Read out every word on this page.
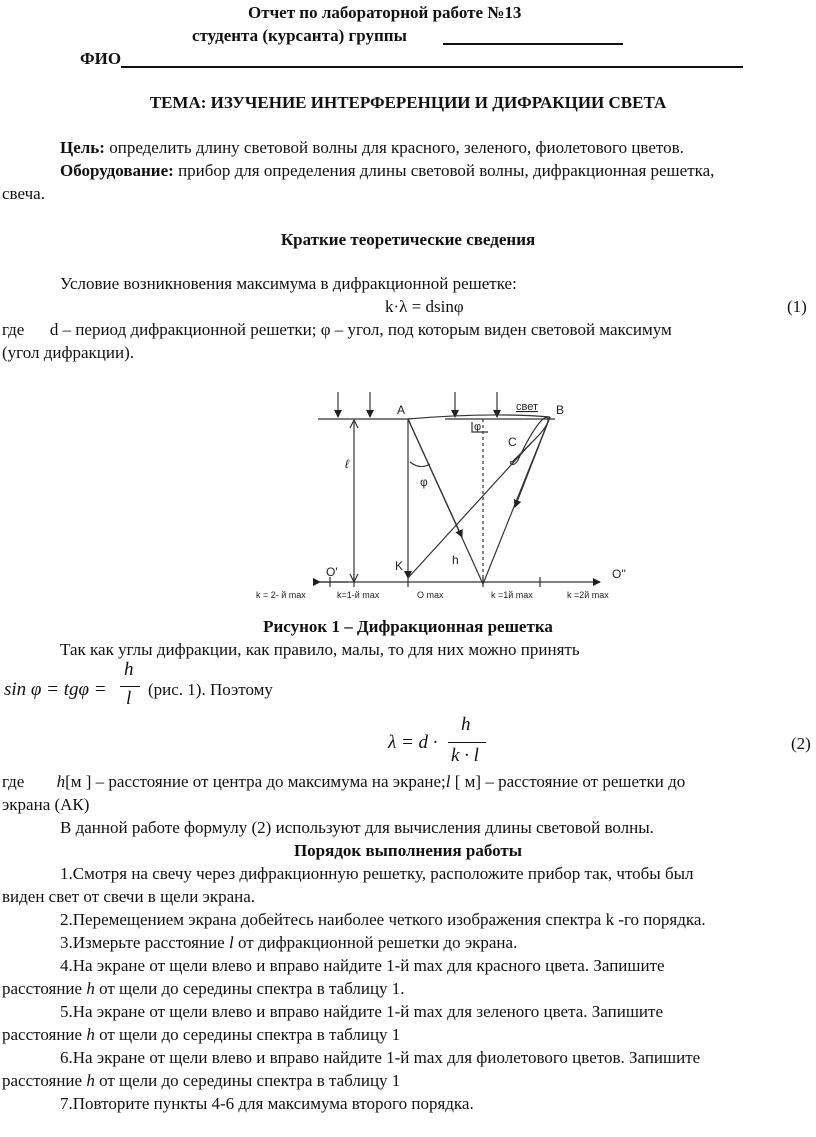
Отчет по лабораторной работе №13
студента (курсанта) группы
ФИО
ТЕМА: ИЗУЧЕНИЕ ИНТЕРФЕРЕНЦИИ И ДИФРАКЦИИ СВЕТА
Цель: определить длину световой волны для красного, зеленого, фиолетового цветов.
Оборудование: прибор для определения длины световой волны, дифракционная решетка,
свеча.
Краткие теоретические сведения
Условие возникновения максимума в дифракционной решетке:
k·λ = dsinφ	(1)
где      d – период дифракционной решетки; φ – угол, под которым виден световой максимум
(угол дифракции).
A	B
C
K	h
φ
φ
ℓ
свет
O'	O''
k = 2- й max	k=1-й max	O max	k =1й max	k =2й max
Рисунок 1 – Дифракционная решетка
Так как углы дифракции, как правило, малы, то для них можно принять
sin φ = tgφ =
h
l (рис. 1). Поэтому
λ = d ·
h
k · l
(2)
где h[м ] – расстояние от центра до максимума на экране;l [ м] – расстояние от решетки до
экрана (АК)
В данной работе формулу (2) используют для вычисления длины световой волны.
Порядок выполнения работы
1.Смотря на свечу через дифракционную решетку, расположите прибор так, чтобы был
виден свет от свечи в щели экрана.
2.Перемещением экрана добейтесь наиболее четкого изображения спектра k -го порядка.
3.Измерьте расстояние l от дифракционной решетки до экрана.
4.На экране от щели влево и вправо найдите 1-й max для красного цвета. Запишите
расстояние h от щели до середины спектра в таблицу 1.
5.На экране от щели влево и вправо найдите 1-й max для зеленого цвета. Запишите
расстояние h от щели до середины спектра в таблицу 1
6.На экране от щели влево и вправо найдите 1-й max для фиолетового цветов. Запишите
расстояние h от щели до середины спектра в таблицу 1
7.Повторите пункты 4-6 для максимума второго порядка.
